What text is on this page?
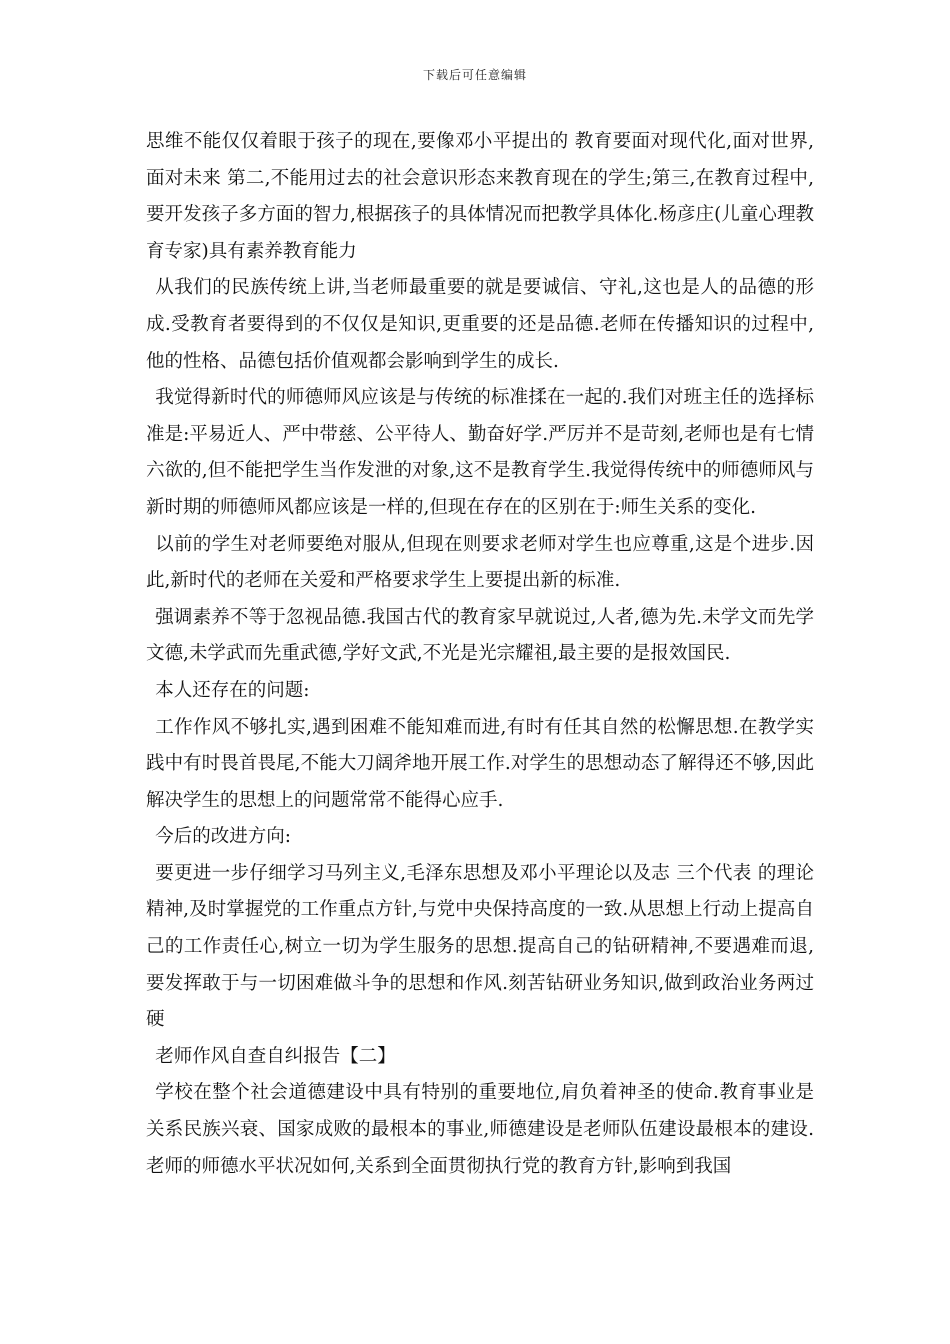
下载后可任意编辑

思维不能仅仅着眼于孩子的现在,要像邓小平提出的 教育要面对现代化,面对世界,面对未来 第二,不能用过去的社会意识形态来教育现在的学生;第三,在教育过程中,要开发孩子多方面的智力,根据孩子的具体情况而把教学具体化.杨彦庄(儿童心理教育专家)具有素养教育能力

从我们的民族传统上讲,当老师最重要的就是要诚信、守礼,这也是人的品德的形成.受教育者要得到的不仅仅是知识,更重要的还是品德.老师在传播知识的过程中,他的性格、品德包括价值观都会影响到学生的成长.

我觉得新时代的师德师风应该是与传统的标准揉在一起的.我们对班主任的选择标准是:平易近人、严中带慈、公平待人、勤奋好学.严厉并不是苛刻,老师也是有七情六欲的,但不能把学生当作发泄的对象,这不是教育学生.我觉得传统中的师德师风与新时期的师德师风都应该是一样的,但现在存在的区别在于:师生关系的变化.

以前的学生对老师要绝对服从,但现在则要求老师对学生也应尊重,这是个进步.因此,新时代的老师在关爱和严格要求学生上要提出新的标准.

强调素养不等于忽视品德.我国古代的教育家早就说过,人者,德为先.未学文而先学文德,未学武而先重武德,学好文武,不光是光宗耀祖,最主要的是报效国民.

本人还存在的问题:

工作作风不够扎实,遇到困难不能知难而进,有时有任其自然的松懈思想.在教学实践中有时畏首畏尾,不能大刀阔斧地开展工作.对学生的思想动态了解得还不够,因此解决学生的思想上的问题常常不能得心应手.

今后的改进方向:

要更进一步仔细学习马列主义,毛泽东思想及邓小平理论以及志 三个代表 的理论精神,及时掌握党的工作重点方针,与党中央保持高度的一致.从思想上行动上提高自己的工作责任心,树立一切为学生服务的思想.提高自己的钻研精神,不要遇难而退,要发挥敢于与一切困难做斗争的思想和作风.刻苦钻研业务知识,做到政治业务两过硬

老师作风自查自纠报告【二】

学校在整个社会道德建设中具有特别的重要地位,肩负着神圣的使命.教育事业是关系民族兴衰、国家成败的最根本的事业,师德建设是老师队伍建设最根本的建设.老师的师德水平状况如何,关系到全面贯彻执行党的教育方针,影响到我国
